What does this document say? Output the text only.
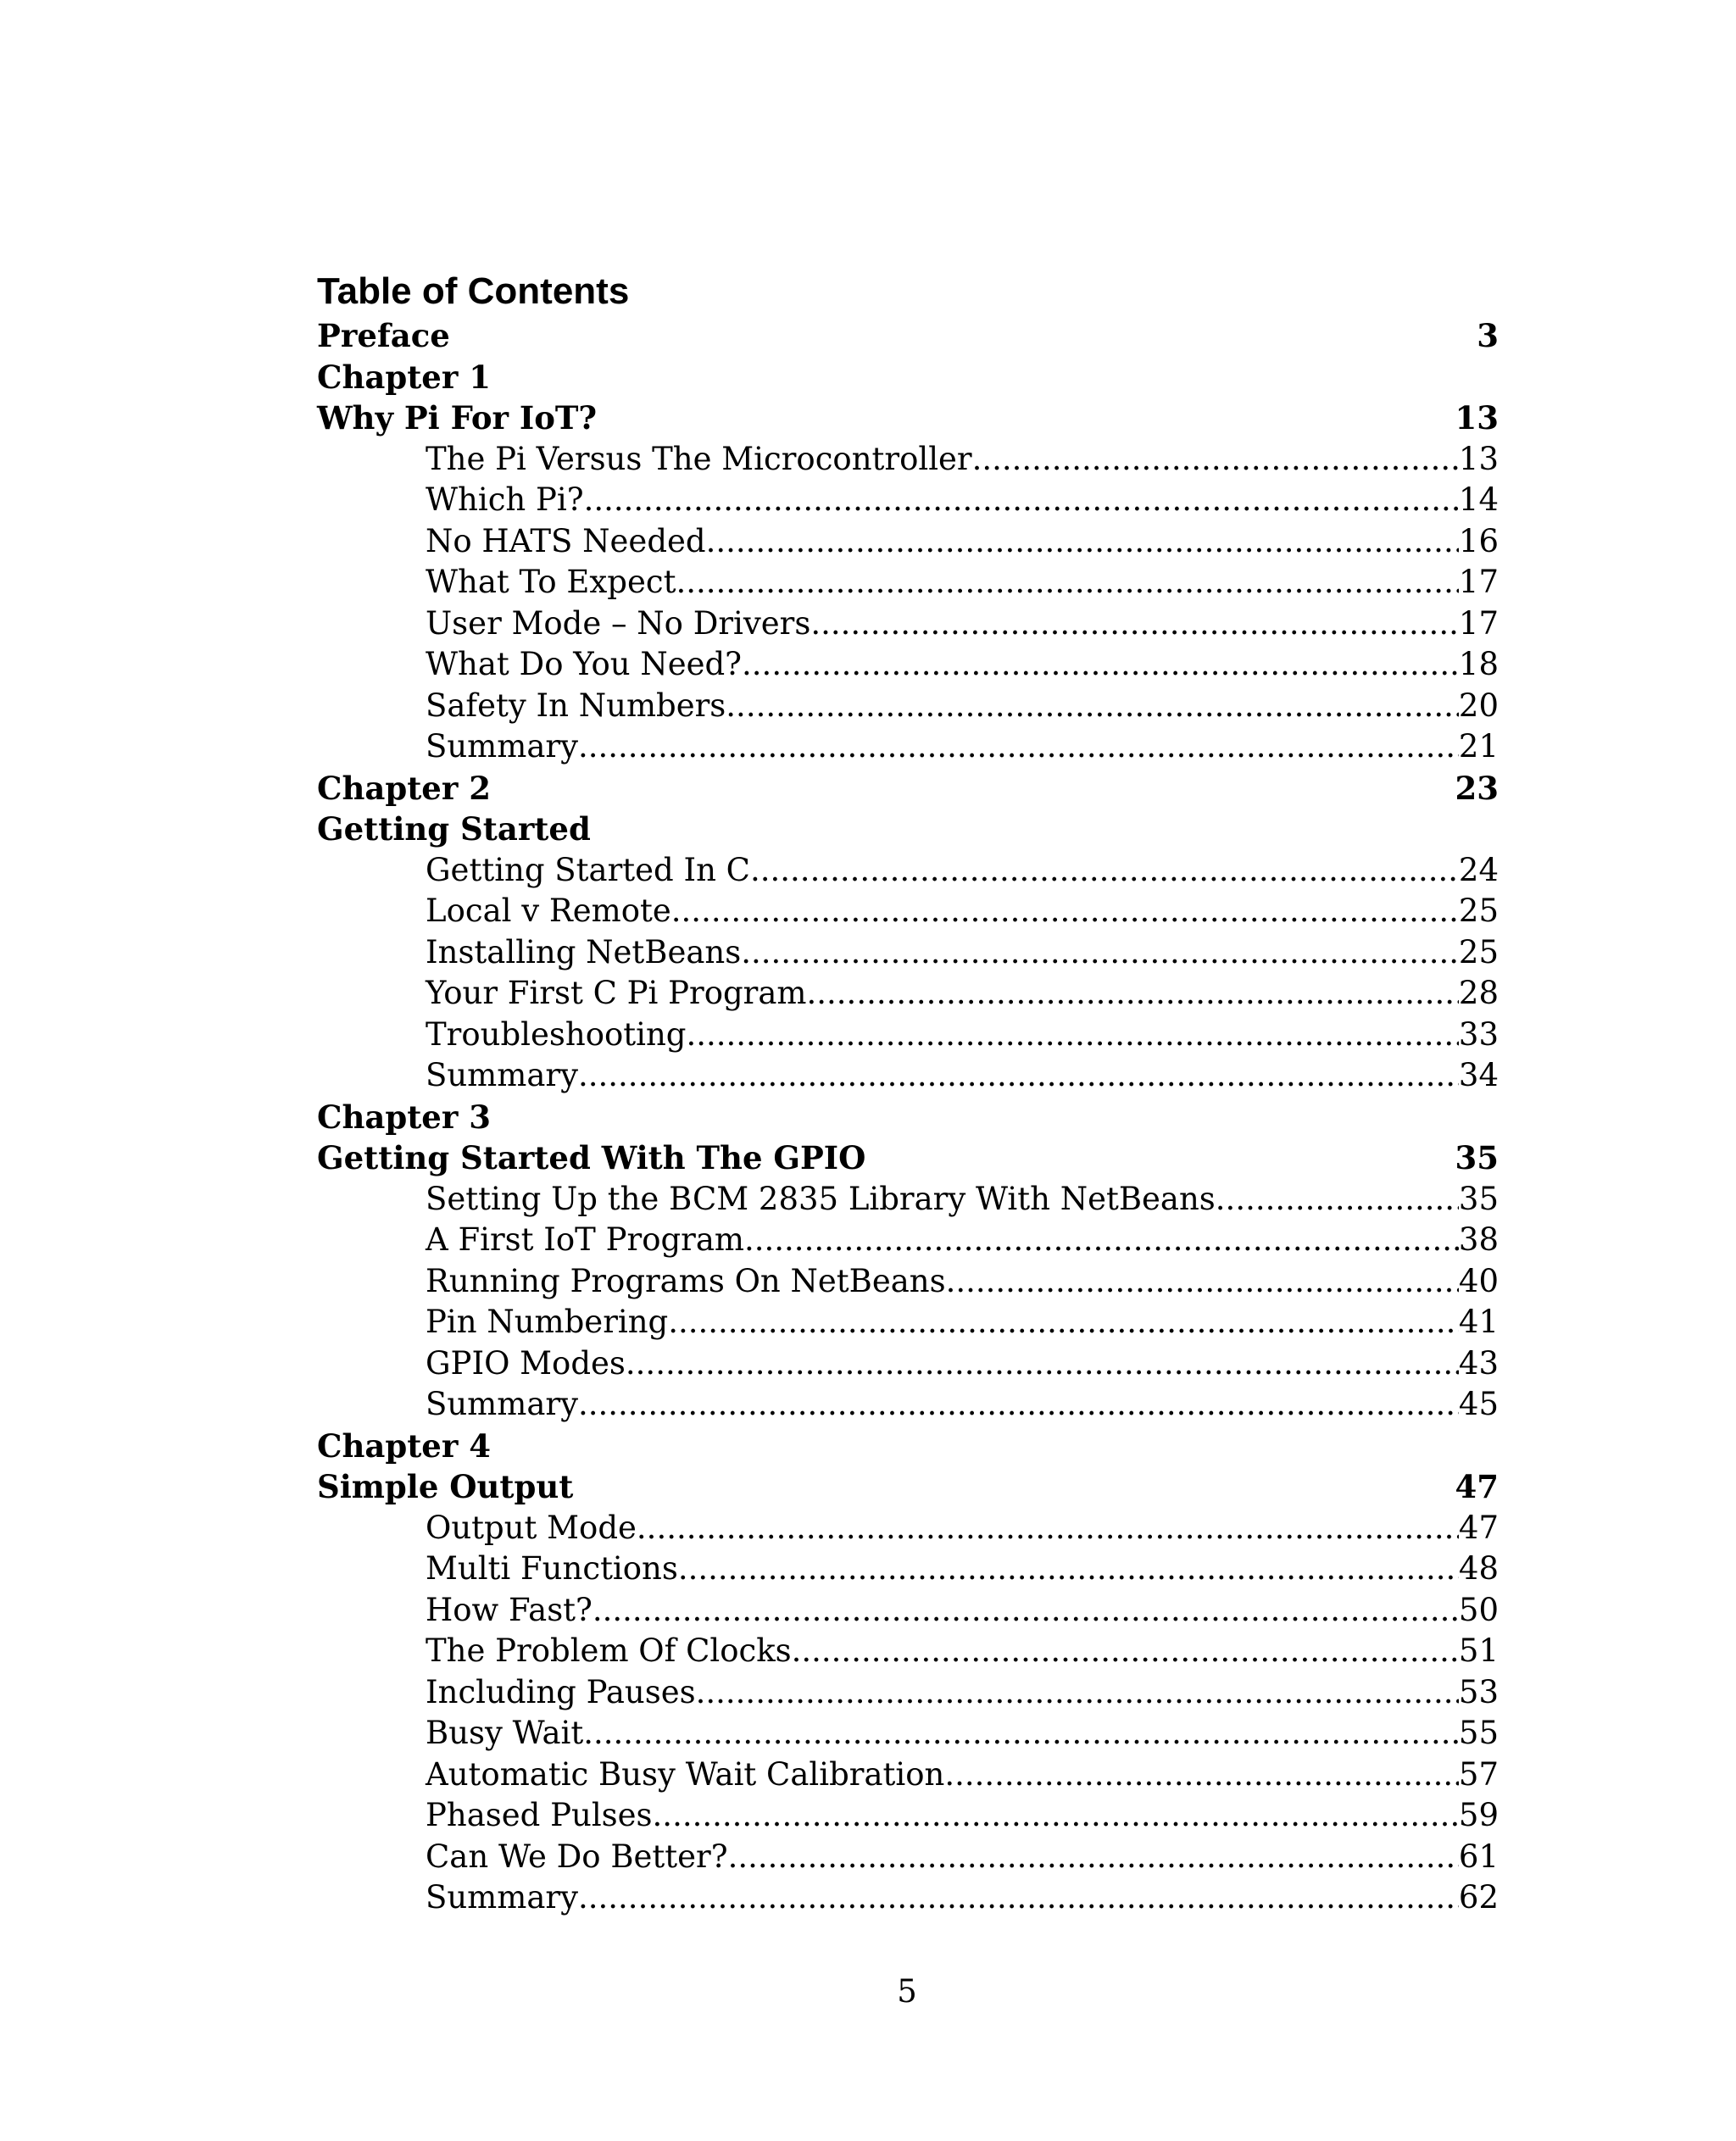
Table of Contents
Preface	3
Chapter 1
Why Pi For IoT?	13
The Pi Versus The Microcontroller .....	13
Which Pi? .....	14
No HATS Needed .....	16
What To Expect .....	17
User Mode – No Drivers .....	17
What Do You Need? .....	18
Safety In Numbers .....	20
Summary .....	21
Chapter 2	23
Getting Started
Getting Started In C .....	24
Local v Remote .....	25
Installing NetBeans .....	25
Your First C Pi Program .....	28
Troubleshooting .....	33
Summary .....	34
Chapter 3
Getting Started With The GPIO	35
Setting Up the BCM 2835 Library With NetBeans .....	35
A First IoT Program .....	38
Running Programs On NetBeans .....	40
Pin Numbering .....	41
GPIO Modes .....	43
Summary .....	45
Chapter 4
Simple Output	47
Output Mode .....	47
Multi Functions .....	48
How Fast? .....	50
The Problem Of Clocks .....	51
Including Pauses .....	53
Busy Wait .....	55
Automatic Busy Wait Calibration .....	57
Phased Pulses .....	59
Can We Do Better? .....	61
Summary .....	62
5
